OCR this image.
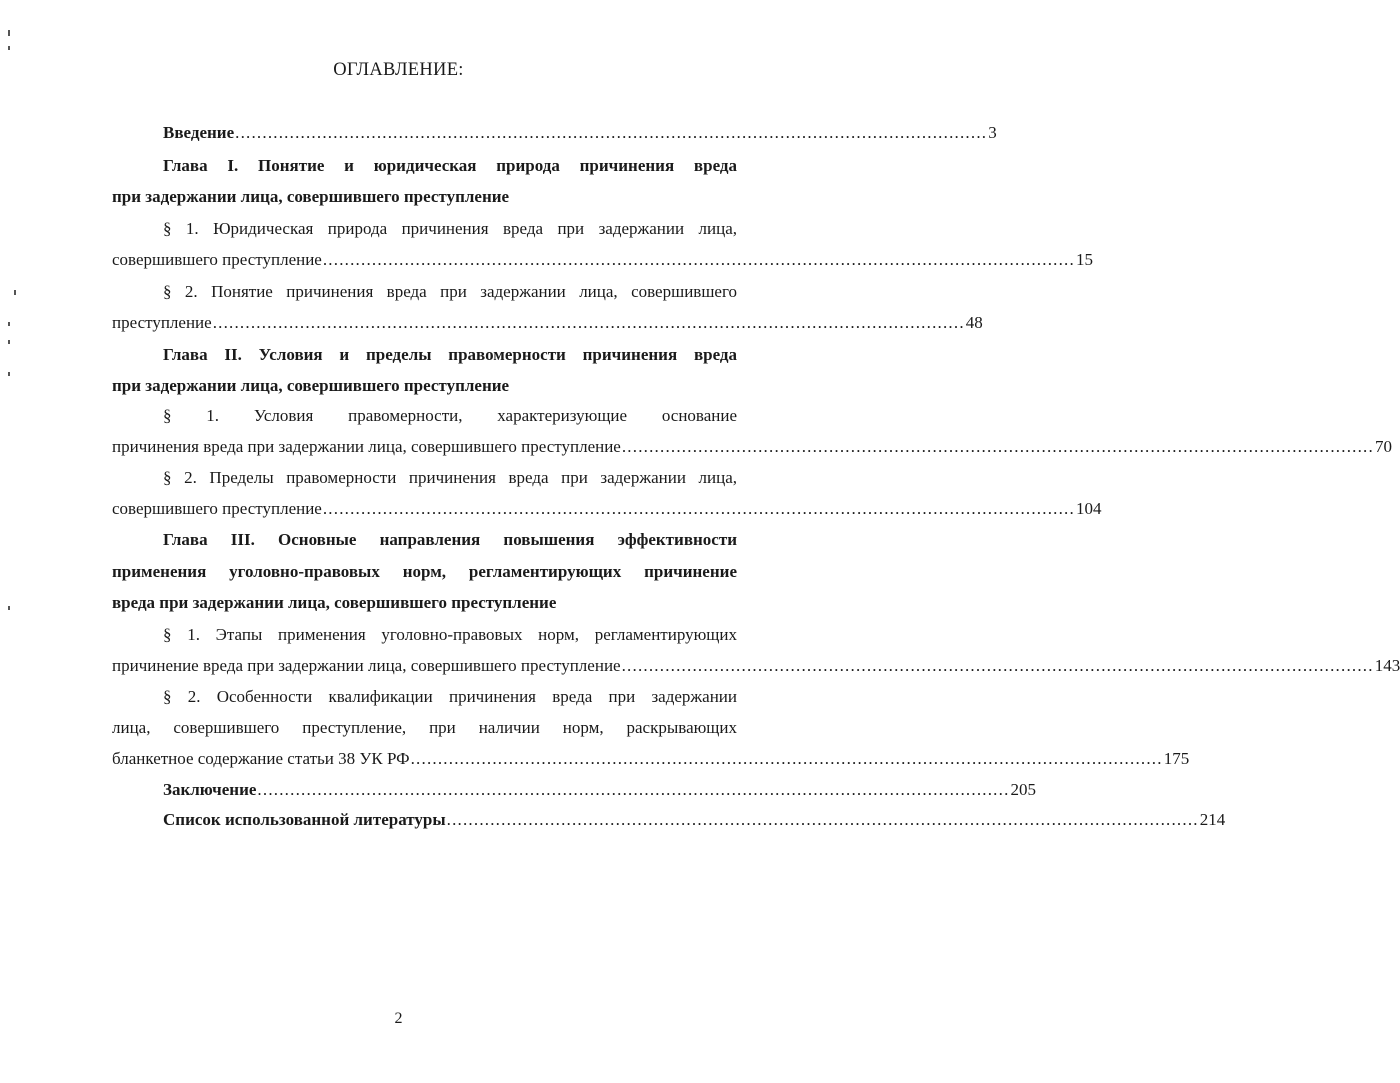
ОГЛАВЛЕНИЕ:
Введение .......................................................................................................................................... 3
Глава I. Понятие и юридическая природа причинения вреда
при задержании лица, совершившего преступление
§ 1. Юридическая природа причинения вреда при задержании лица,
совершившего преступление .......................................................................................................................................... 15
§ 2. Понятие причинения вреда при задержании лица, совершившего
преступление .......................................................................................................................................... 48
Глава II. Условия и пределы правомерности причинения вреда
при задержании лица, совершившего преступление
§ 1. Условия правомерности, характеризующие основание
причинения вреда при задержании лица, совершившего преступление .......................................................................................................................................... 70
§ 2. Пределы правомерности причинения вреда при задержании лица,
совершившего преступление .......................................................................................................................................... 104
Глава III. Основные направления повышения эффективности
применения уголовно-правовых норм, регламентирующих причинение
вреда при задержании лица, совершившего преступление
§ 1. Этапы применения уголовно-правовых норм, регламентирующих
причинение вреда при задержании лица, совершившего преступление .......................................................................................................................................... 143
§ 2. Особенности квалификации причинения вреда при задержании
лица, совершившего преступление, при наличии норм, раскрывающих
бланкетное содержание статьи 38 УК РФ .......................................................................................................................................... 175
Заключение .......................................................................................................................................... 205
Список использованной литературы .......................................................................................................................................... 214
2
